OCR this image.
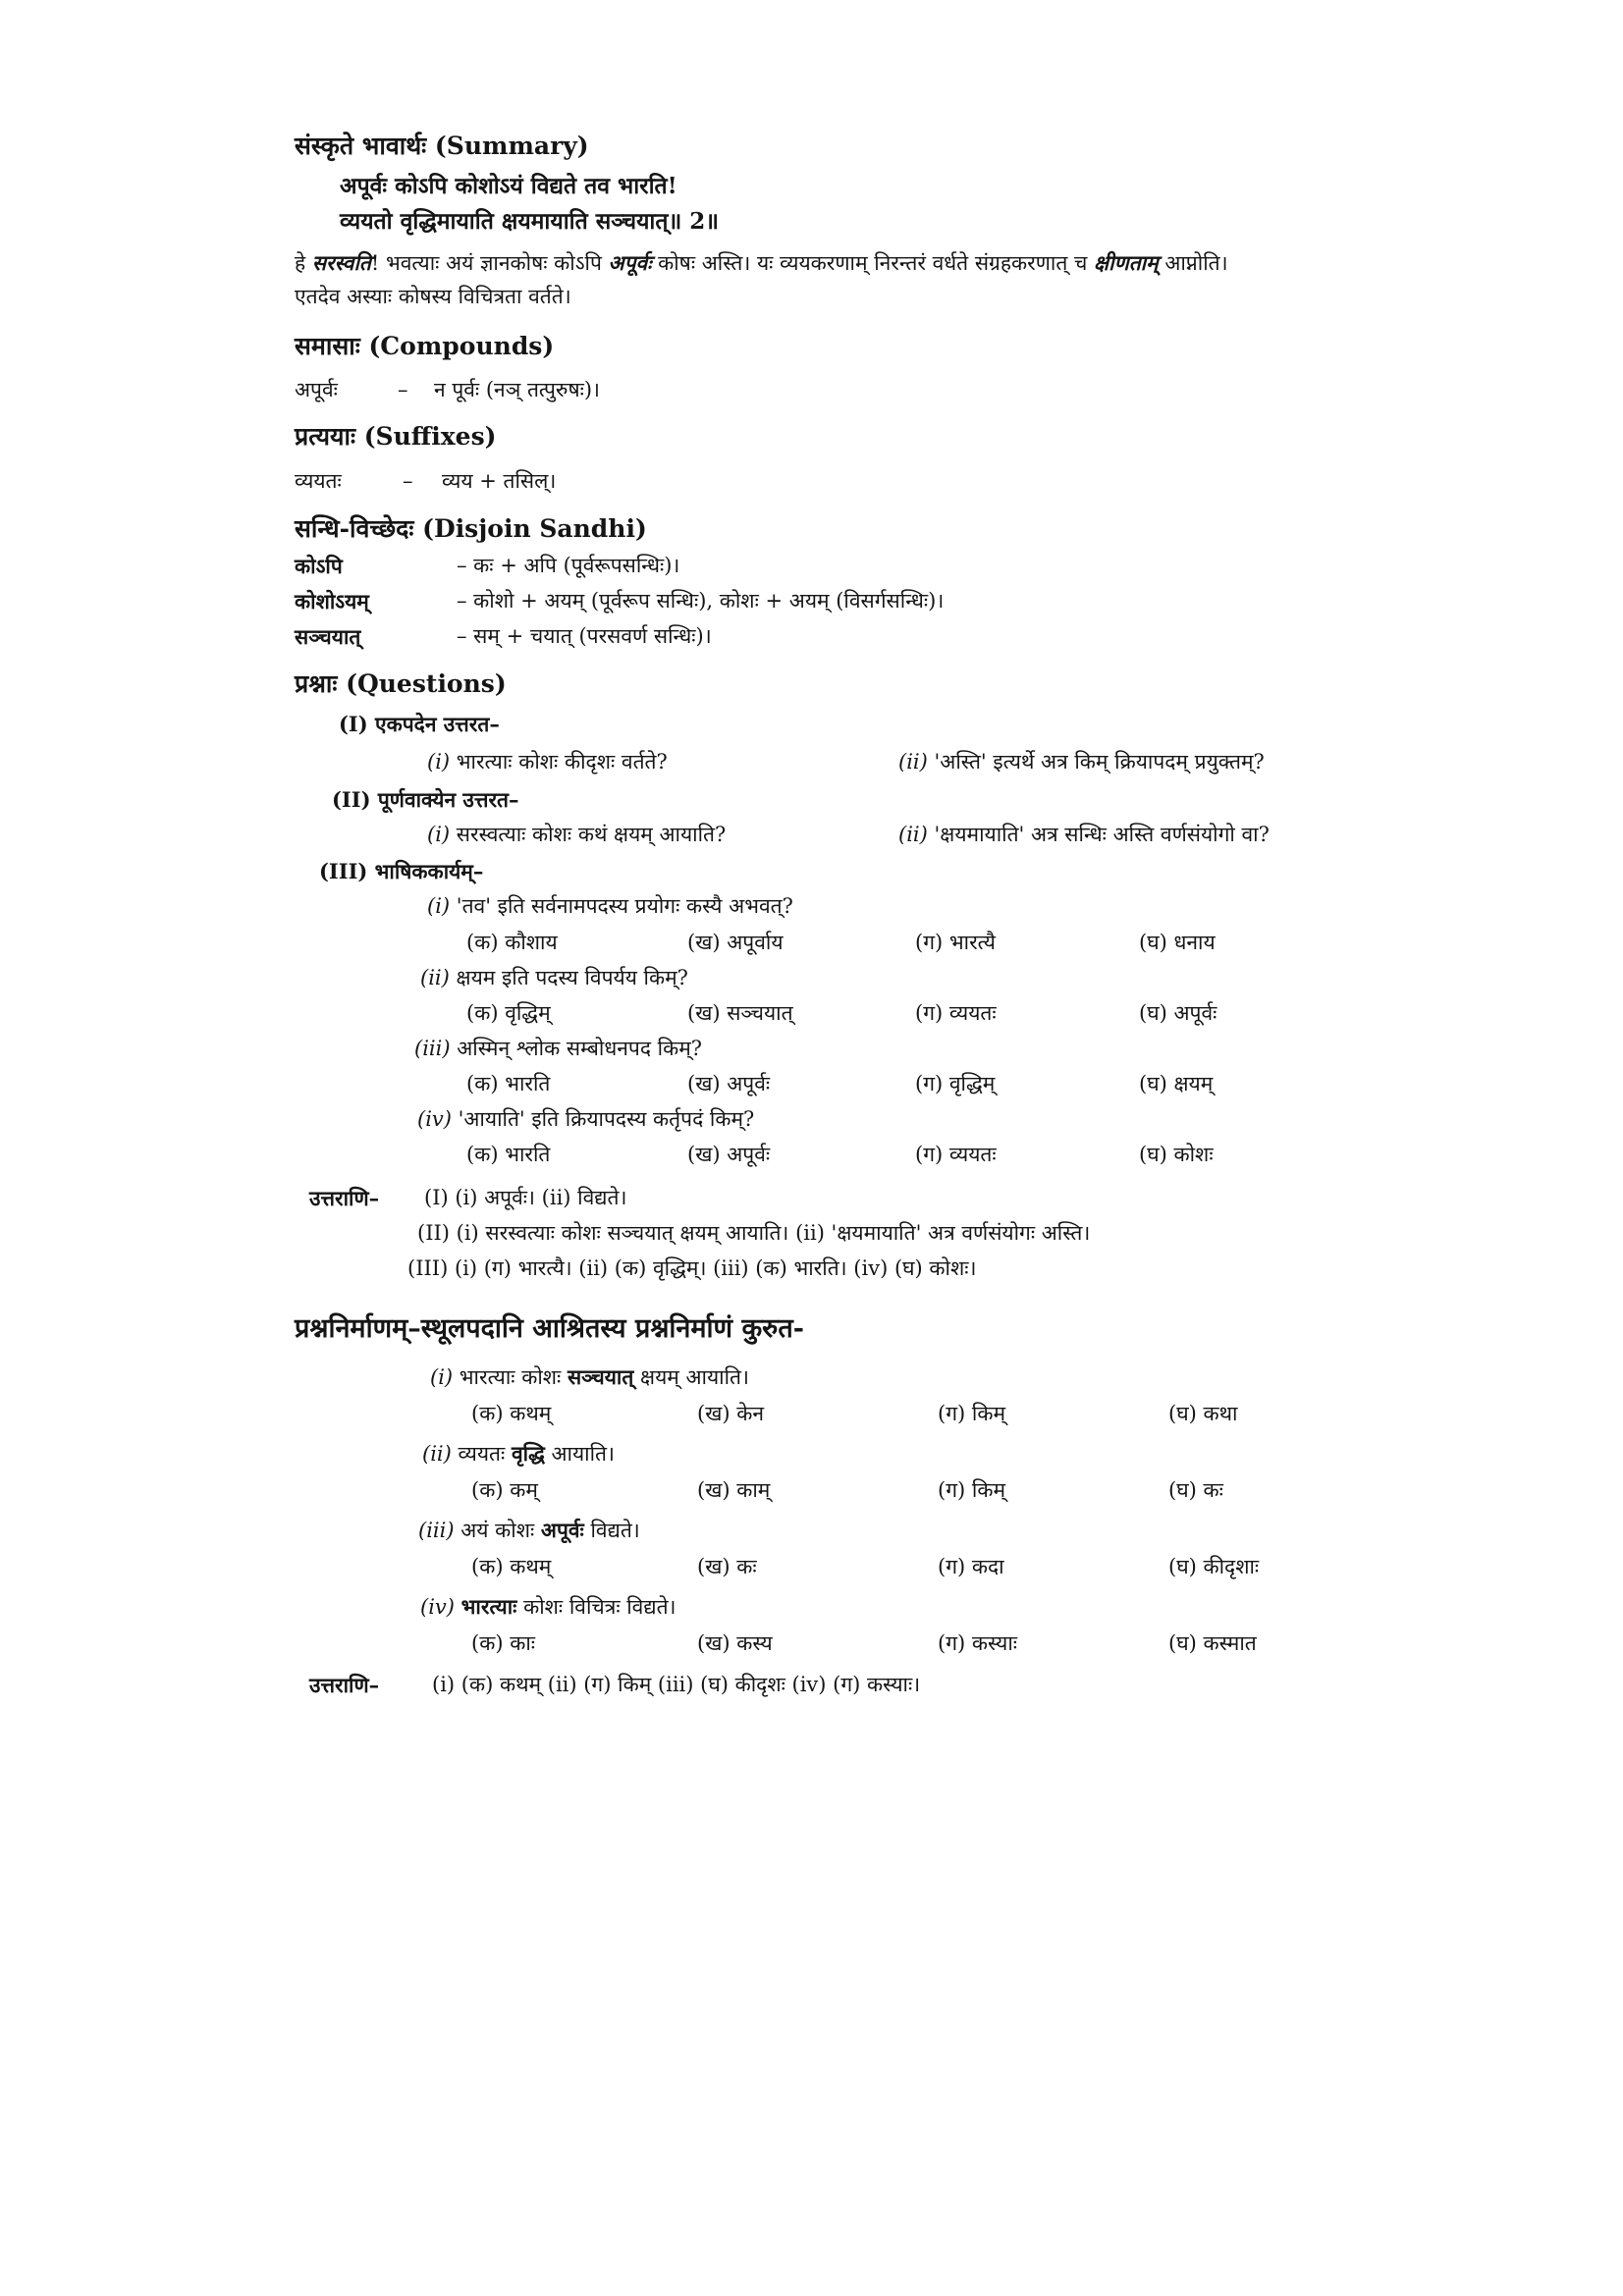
संस्कृते भावार्थः (Summary)
अपूर्वः कोऽपि कोशोऽयं विद्यते तव भारति!
व्ययतो वृद्धिमायाति क्षयमायाति सञ्चयात्॥ 2॥
हे सरस्वति! भवत्याः अयं ज्ञानकोषः कोऽपि अपूर्वः कोषः अस्ति। यः व्ययकरणाम् निरन्तरं वर्धते संग्रहकरणात् च क्षीणताम् आप्नोति।
एतदेव अस्याः कोषस्य विचित्रता वर्तते।
समासाः (Compounds)
अपूर्वः	– न पूर्वः (नञ् तत्पुरुषः)।
प्रत्ययाः (Suffixes)
व्ययतः	– व्यय + तसिल्।
सन्धि-विच्छेदः (Disjoin Sandhi)
कोऽपि	– कः + अपि (पूर्वरूपसन्धिः)।
कोशोऽयम्	– कोशो + अयम् (पूर्वरूप सन्धिः), कोशः + अयम् (विसर्गसन्धिः)।
सञ्चयात्	– सम् + चयात् (परसवर्ण सन्धिः)।
प्रश्नाः (Questions)
(I) एकपदेन उत्तरत–
(i) भारत्याः कोशः कीदृशः वर्तते?	(ii) 'अस्ति' इत्यर्थे अत्र किम् क्रियापदम् प्रयुक्तम्?
(II) पूर्णवाक्येन उत्तरत–
(i) सरस्वत्याः कोशः कथं क्षयम् आयाति?	(ii) 'क्षयमायाति' अत्र सन्धिः अस्ति वर्णसंयोगो वा?
(III) भाषिककार्यम्–
(i) 'तव' इति सर्वनामपदस्य प्रयोगः कस्यै अभवत्?
(क) कौशाय	(ख) अपूर्वाय	(ग) भारत्यै	(घ) धनाय
(ii) क्षयम इति पदस्य विपर्यय किम्?
(क) वृद्धिम्	(ख) सञ्चयात्	(ग) व्ययतः	(घ) अपूर्वः
(iii) अस्मिन् श्लोक सम्बोधनपद किम्?
(क) भारति	(ख) अपूर्वः	(ग) वृद्धिम्	(घ) क्षयम्
(iv) 'आयाति' इति क्रियापदस्य कर्तृपदं किम्?
(क) भारति	(ख) अपूर्वः	(ग) व्ययतः	(घ) कोशः
उत्तराणि– (I) (i) अपूर्वः। (ii) विद्यते।
(II) (i) सरस्वत्याः कोशः सञ्चयात् क्षयम् आयाति। (ii) 'क्षयमायाति' अत्र वर्णसंयोगः अस्ति।
(III) (i) (ग) भारत्यै। (ii) (क) वृद्धिम्। (iii) (क) भारति। (iv) (घ) कोशः।
प्रश्ननिर्माणम्–स्थूलपदानि आश्रितस्य प्रश्ननिर्माणं कुरुत-
(i) भारत्याः कोशः सञ्चयात् क्षयम् आयाति।
(क) कथम्	(ख) केन	(ग) किम्	(घ) कथा
(ii) व्ययतः वृद्धि आयाति।
(क) कम्	(ख) काम्	(ग) किम्	(घ) कः
(iii) अयं कोशः अपूर्वः विद्यते।
(क) कथम्	(ख) कः	(ग) कदा	(घ) कीदृशाः
(iv) भारत्याः कोशः विचित्रः विद्यते।
(क) काः	(ख) कस्य	(ग) कस्याः	(घ) कस्मात
उत्तराणि–	(i) (क) कथम् (ii) (ग) किम् (iii) (घ) कीदृशः (iv) (ग) कस्याः।
